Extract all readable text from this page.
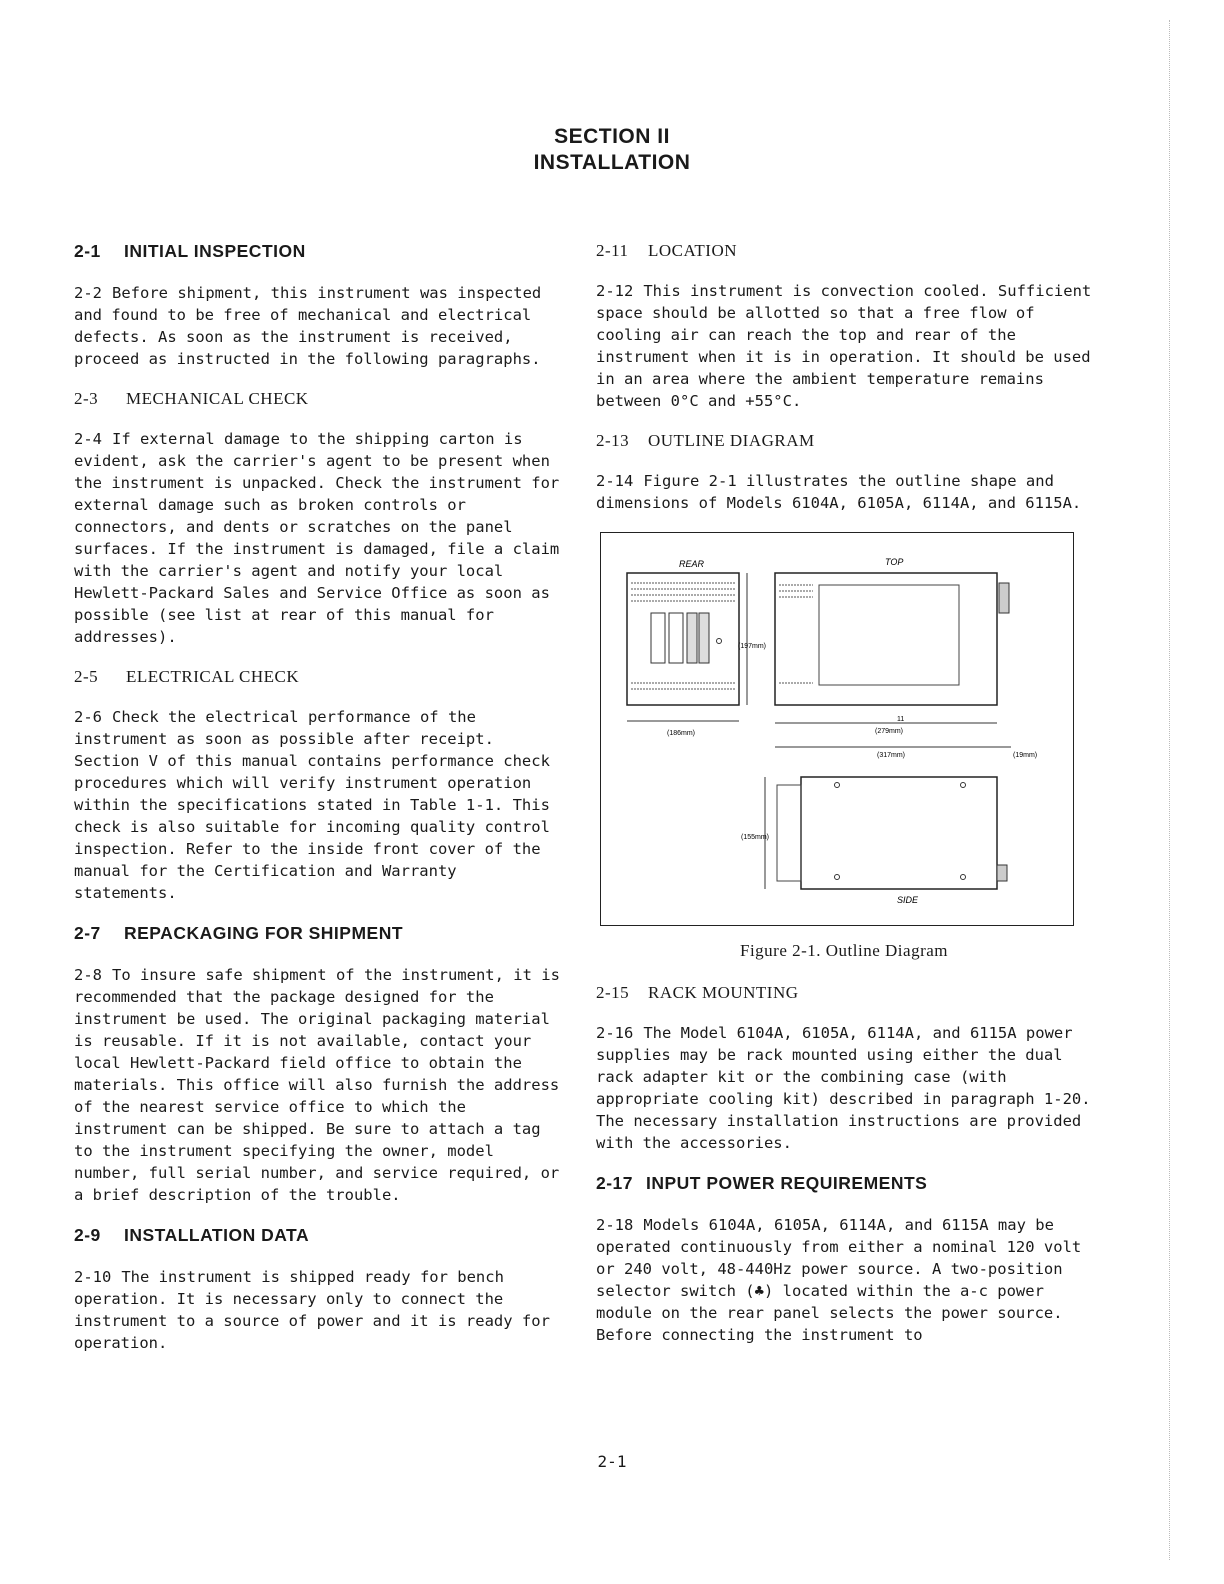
SECTION II
INSTALLATION
2-1 INITIAL INSPECTION

2-2 Before shipment, this instrument was inspected and found to be free of mechanical and electrical defects. As soon as the instrument is received, proceed as instructed in the following paragraphs.

2-3 MECHANICAL CHECK

2-4 If external damage to the shipping carton is evident, ask the carrier's agent to be present when the instrument is unpacked. Check the instrument for external damage such as broken controls or connectors, and dents or scratches on the panel surfaces. If the instrument is damaged, file a claim with the carrier's agent and notify your local Hewlett-Packard Sales and Service Office as soon as possible (see list at rear of this manual for addresses).

2-5 ELECTRICAL CHECK

2-6 Check the electrical performance of the instrument as soon as possible after receipt. Section V of this manual contains performance check procedures which will verify instrument operation within the specifications stated in Table 1-1. This check is also suitable for incoming quality control inspection. Refer to the inside front cover of the manual for the Certification and Warranty statements.

2-7 REPACKAGING FOR SHIPMENT

2-8 To insure safe shipment of the instrument, it is recommended that the package designed for the instrument be used. The original packaging material is reusable. If it is not available, contact your local Hewlett-Packard field office to obtain the materials. This office will also furnish the address of the nearest service office to which the instrument can be shipped. Be sure to attach a tag to the instrument specifying the owner, model number, full serial number, and service required, or a brief description of the trouble.

2-9 INSTALLATION DATA

2-10 The instrument is shipped ready for bench operation. It is necessary only to connect the instrument to a source of power and it is ready for operation.

2-11 LOCATION

2-12 This instrument is convection cooled. Sufficient space should be allotted so that a free flow of cooling air can reach the top and rear of the instrument when it is in operation. It should be used in an area where the ambient temperature remains between 0°C and +55°C.

2-13 OUTLINE DIAGRAM

2-14 Figure 2-1 illustrates the outline shape and dimensions of Models 6104A, 6105A, 6114A, and 6115A.

REAR
(197mm)
(186mm)
TOP
11
(279mm)
(317mm)	(19mm)
(155mm)
SIDE
Figure 2-1. Outline Diagram
2-15 RACK MOUNTING

2-16 The Model 6104A, 6105A, 6114A, and 6115A power supplies may be rack mounted using either the dual rack adapter kit or the combining case (with appropriate cooling kit) described in paragraph 1-20. The necessary installation instructions are provided with the accessories.

2-17 INPUT POWER REQUIREMENTS

2-18 Models 6104A, 6105A, 6114A, and 6115A may be operated continuously from either a nominal 120 volt or 240 volt, 48-440Hz power source. A two-position selector switch (♣) located within the a-c power module on the rear panel selects the power source. Before connecting the instrument to

2-1
